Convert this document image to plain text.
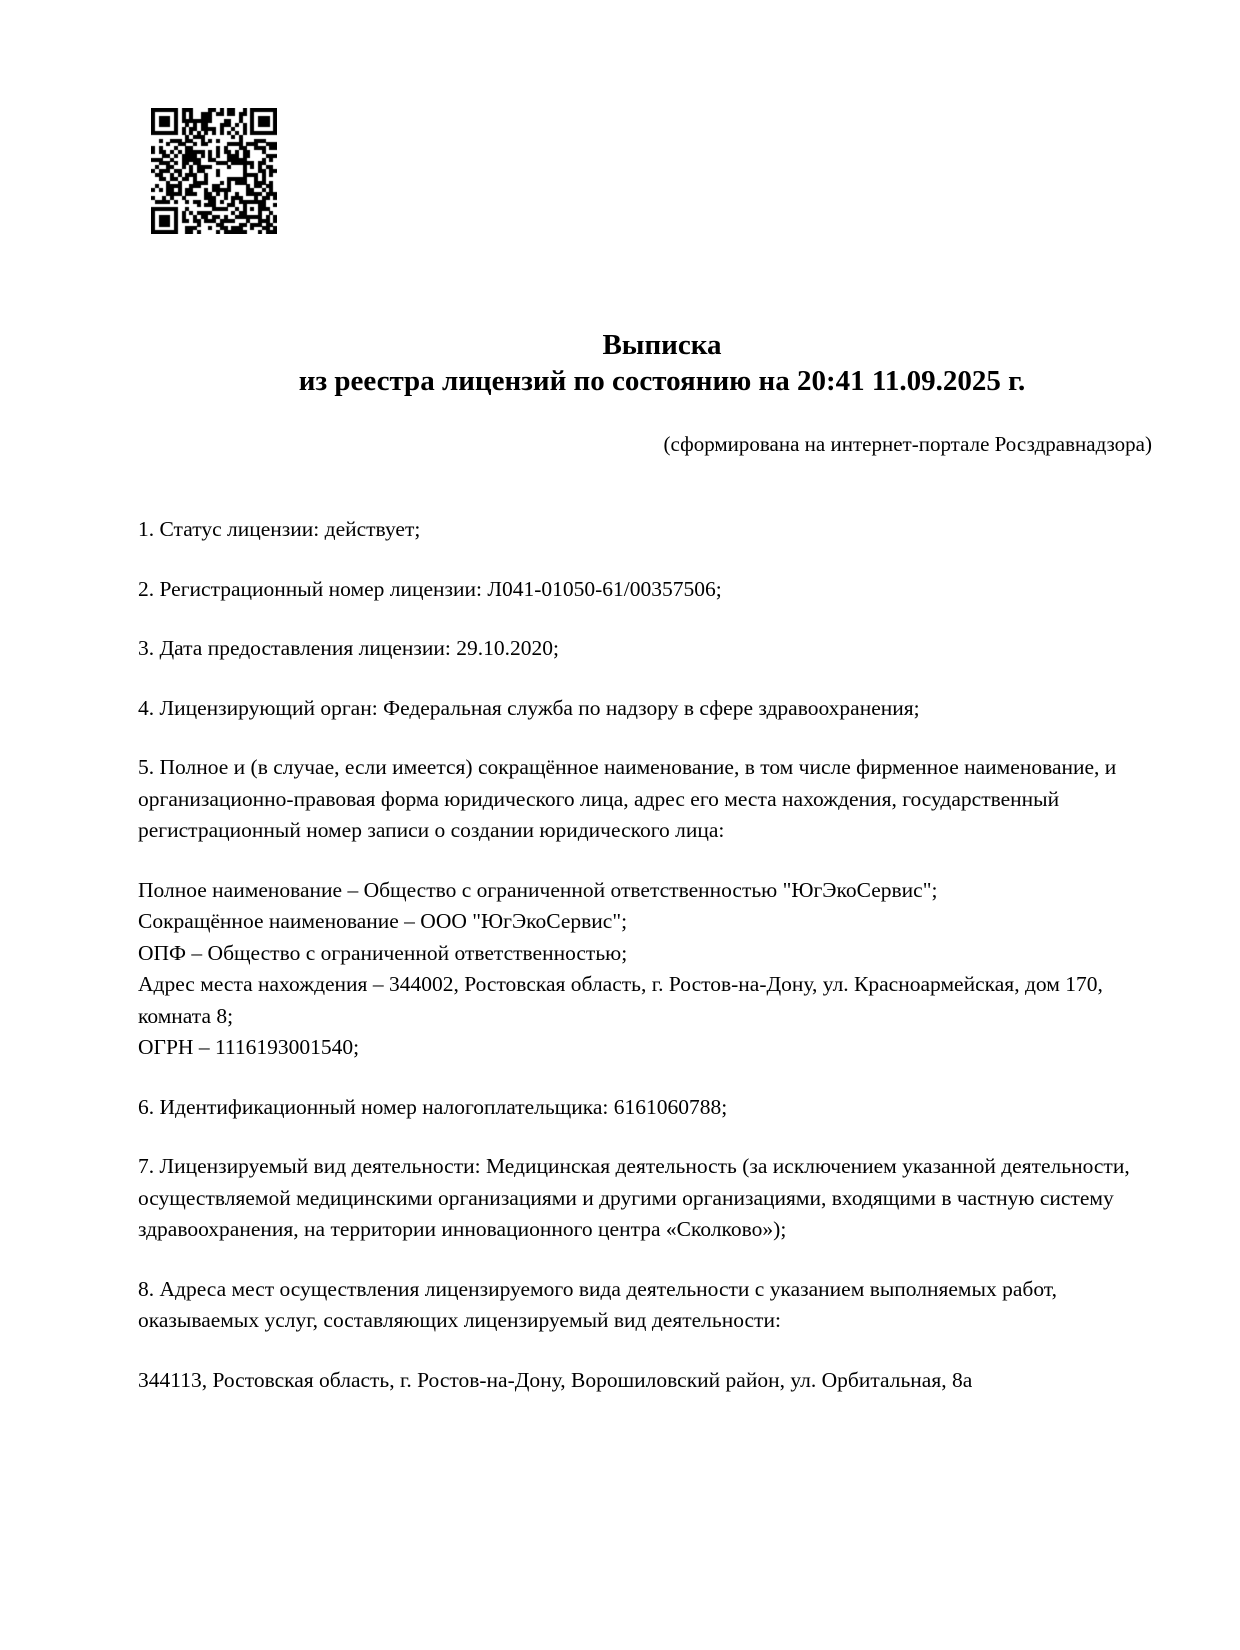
Выписка
из реестра лицензий по состоянию на 20:41 11.09.2025 г.
(сформирована на интернет-портале Росздравнадзора)

1. Статус лицензии: действует;

2. Регистрационный номер лицензии: Л041-01050-61/00357506;

3. Дата предоставления лицензии: 29.10.2020;

4. Лицензирующий орган: Федеральная служба по надзору в сфере здравоохранения;

5. Полное и (в случае, если имеется) сокращённое наименование, в том числе фирменное наименование, и организационно-правовая форма юридического лица, адрес его места нахождения, государственный регистрационный номер записи о создании юридического лица:

Полное наименование – Общество с ограниченной ответственностью "ЮгЭкоСервис";
Сокращённое наименование – ООО "ЮгЭкоСервис";
ОПФ – Общество с ограниченной ответственностью;
Адрес места нахождения – 344002, Ростовская область, г. Ростов-на-Дону, ул. Красноармейская, дом 170, комната 8;
ОГРН – 1116193001540;

6. Идентификационный номер налогоплательщика: 6161060788;

7. Лицензируемый вид деятельности: Медицинская деятельность (за исключением указанной деятельности, осуществляемой медицинскими организациями и другими организациями, входящими в частную систему здравоохранения, на территории инновационного центра «Сколково»);

8. Адреса мест осуществления лицензируемого вида деятельности с указанием выполняемых работ, оказываемых услуг, составляющих лицензируемый вид деятельности:

344113, Ростовская область, г. Ростов-на-Дону, Ворошиловский район, ул. Орбитальная, 8а
